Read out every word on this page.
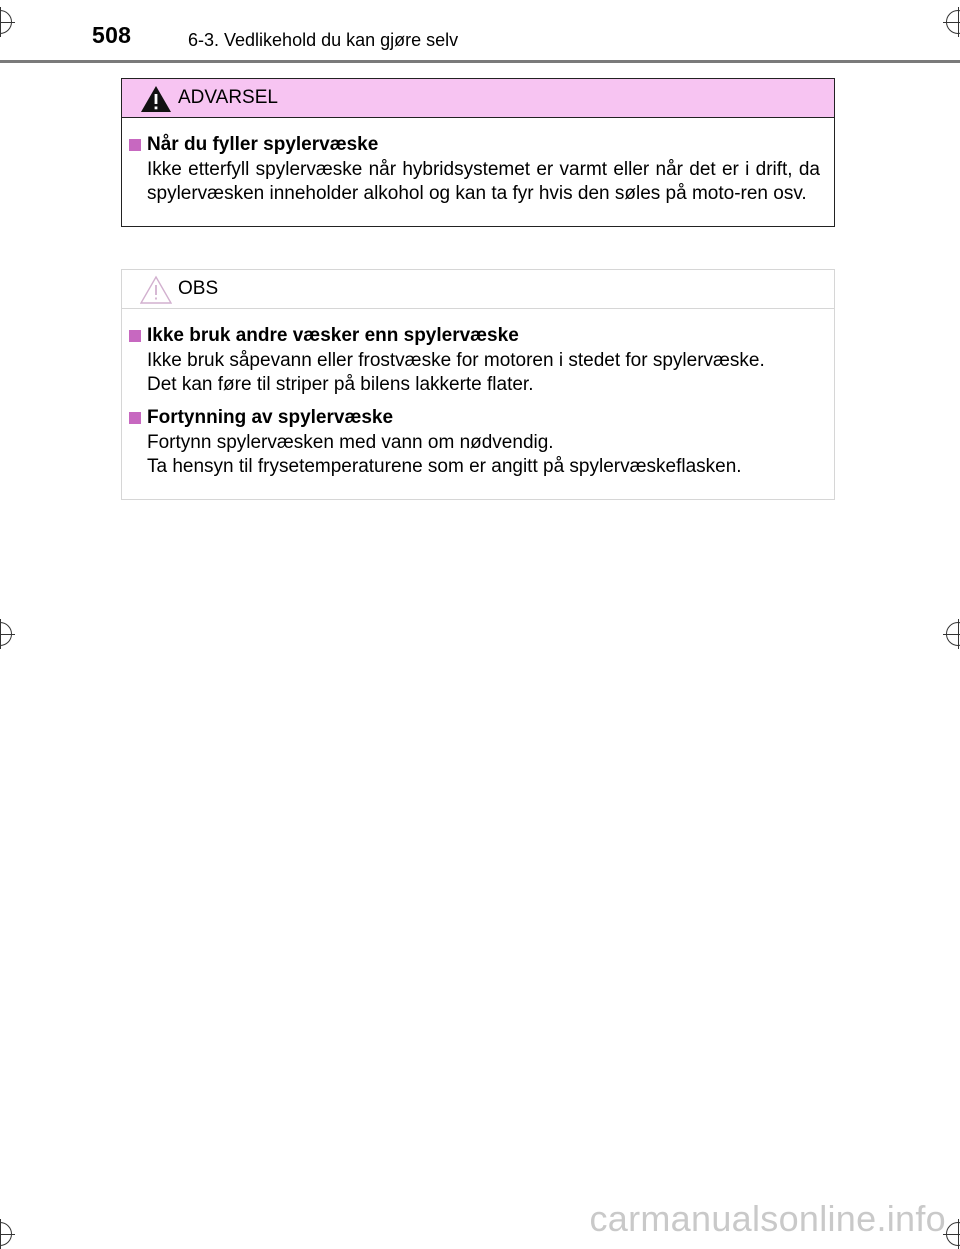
508	6-3. Vedlikehold du kan gjøre selv
ADVARSEL
Når du fyller spylervæske

Ikke etterfyll spylervæske når hybridsystemet er varmt eller når det er i drift, da spylervæsken inneholder alkohol og kan ta fyr hvis den søles på moto-ren osv.

OBS
Ikke bruk andre væsker enn spylervæske

Ikke bruk såpevann eller frostvæske for motoren i stedet for spylervæske.

Det kan føre til striper på bilens lakkerte flater.

Fortynning av spylervæske

Fortynn spylervæsken med vann om nødvendig.

Ta hensyn til frysetemperaturene som er angitt på spylervæskeflasken.

carmanualsonline.info
